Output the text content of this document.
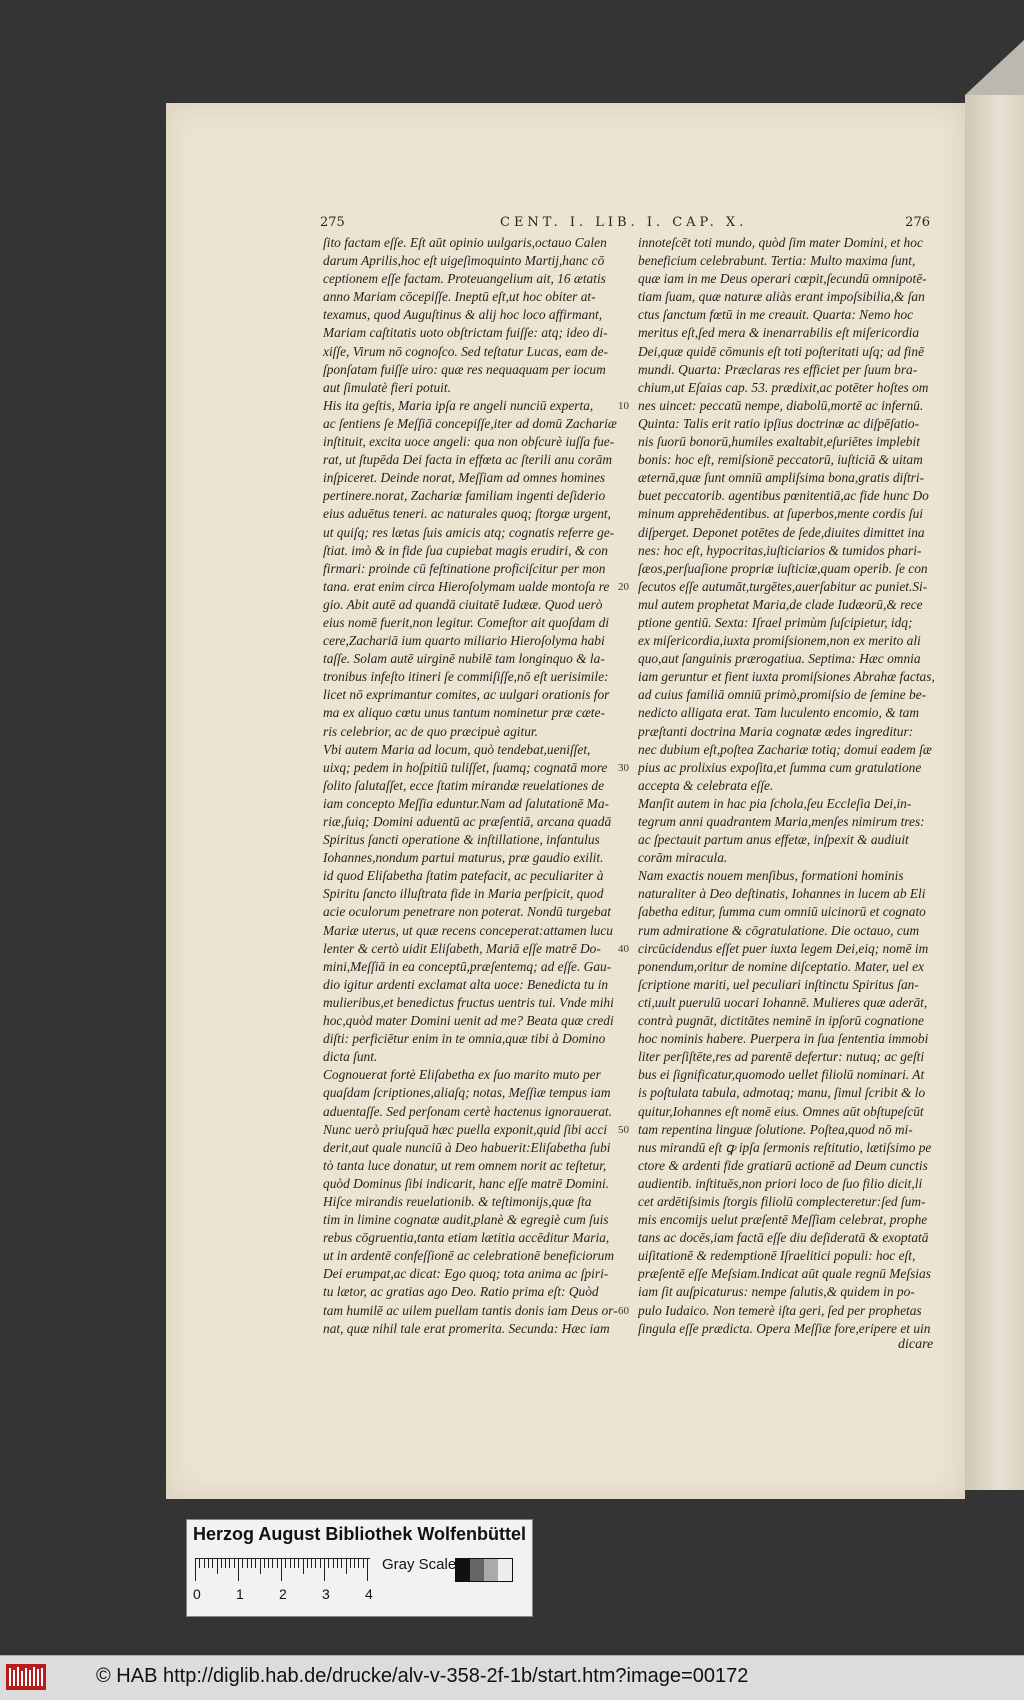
275	CENT. I. LIB. I. CAP. X.	276
ſito factam eſſe. Eſt aūt opinio uulgaris,octauo Calen
darum Aprilis,hoc eſt uigeſimoquinto Martij,hanc cō
ceptionem eſſe factam. Proteuangelium ait, 16 ætatis
anno Mariam cōcepiſſe. Ineptū eſt,ut hoc obiter at-
texamus, quod Auguſtinus & alij hoc loco affirmant,
Mariam caſtitatis uoto obſtrictam fuiſſe: atq; ideo di-
xiſſe, Virum nō cognoſco. Sed teſtatur Lucas, eam de-
ſponſatam fuiſſe uiro: quæ res nequaquam per iocum
aut ſimulatè fieri potuit.
His ita geſtis, Maria ipſa re angeli nunciū experta,
ac ſentiens ſe Meſſiā concepiſſe,iter ad domū Zachariæ
inſtituit, excita uoce angeli: qua non obſcurè iuſſa fue-
rat, ut ſtupēda Dei facta in effœta ac ſterili anu corām
inſpiceret. Deinde norat, Meſſiam ad omnes homines
pertinere.norat, Zachariæ familiam ingenti deſiderio
eius aduētus teneri. ac naturales quoq; ſtorgæ urgent,
ut quiſq; res lætas ſuis amicis atq; cognatis referre ge-
ſtiat. imò & in fide ſua cupiebat magis erudiri, & con
firmari: proinde cū feſtinatione proficiſcitur per mon
tana. erat enim circa Hieroſolymam ualde montoſa re
gio. Abit autē ad quandā ciuitatē Iudææ. Quod uerò
eius nomē fuerit,non legitur. Comeſtor ait quoſdam di
cere,Zachariā ium quarto miliario Hieroſolyma habi
taſſe. Solam autē uirginē nubilē tam longinquo & la-
tronibus infeſto itineri ſe commiſiſſe,nō eſt uerisimile:
licet nō exprimantur comites, ac uulgari orationis for
ma ex aliquo cœtu unus tantum nominetur præ cæte-
ris celebrior, ac de quo præcipuè agitur.
Vbi autem Maria ad locum, quò tendebat,ueniſſet,
uixq; pedem in hoſpitiū tuliſſet, ſuamq; cognatā more
ſolito ſalutaſſet, ecce ſtatim mirandæ reuelationes de
iam concepto Meſſia eduntur.Nam ad ſalutationē Ma-
riæ,ſuiq; Domini aduentū ac præſentiā, arcana quadā
Spiritus ſancti operatione & inſtillatione, infantulus
Iohannes,nondum partui maturus, præ gaudio exilit.
id quod Eliſabetha ſtatim patefacit, ac peculiariter à
Spiritu ſancto illuſtrata fide in Maria perſpicit, quod
acie oculorum penetrare non poterat. Nondū turgebat
Mariæ uterus, ut quæ recens conceperat:attamen lucu
lenter & certò uidit Eliſabeth, Mariā eſſe matrē Do-
mini,Meſſiā in ea conceptū,præſentemq; ad eſſe. Gau-
dio igitur ardenti exclamat alta uoce: Benedicta tu in
mulieribus,et benedictus fructus uentris tui. Vnde mihi
hoc,quòd mater Domini uenit ad me? Beata quæ credi
diſti: perficiētur enim in te omnia,quæ tibi à Domino
dicta ſunt.
Cognouerat fortè Eliſabetha ex ſuo marito muto per
quaſdam ſcriptiones,aliaſq; notas, Meſſiæ tempus iam
aduentaſſe. Sed perſonam certè hactenus ignorauerat.
Nunc uerò priuſquā hæc puella exponit,quid ſibi acci
derit,aut quale nunciū à Deo habuerit:Eliſabetha ſubi
tò tanta luce donatur, ut rem omnem norit ac teſtetur,
quòd Dominus ſibi indicarit, hanc eſſe matrē Domini.
Hiſce mirandis reuelationib. & teſtimonijs,quæ ſta
tim in limine cognatæ audit,planè & egregiè cum ſuis
rebus cōgruentia,tanta etiam lætitia accēditur Maria,
ut in ardentē confeſſionē ac celebrationē beneficiorum
Dei erumpat,ac dicat: Ego quoq; tota anima ac ſpiri-
tu lætor, ac gratias ago Deo. Ratio prima eſt: Quòd
tam humilē ac uilem puellam tantis donis iam Deus or-
nat, quæ nihil tale erat promerita. Secunda: Hæc iam
innoteſcēt toti mundo, quòd ſim mater Domini, et hoc
beneficium celebrabunt. Tertia: Multo maxima ſunt,
quæ iam in me Deus operari cœpit,ſecundū omnipotē-
tiam ſuam, quæ naturæ aliàs erant impoſsibilia,& ſan
ctus ſanctum fœtū in me creauit. Quarta: Nemo hoc
meritus eſt,ſed mera & inenarrabilis eſt miſericordia
Dei,quæ quidē cōmunis eſt toti poſteritati uſq; ad finē
mundi. Quarta: Præclaras res efficiet per ſuum bra-
chium,ut Eſaias cap. 53. prædixit,ac potēter hoſtes om
nes uincet: peccatū nempe, diabolū,mortē ac infernū.
Quinta: Talis erit ratio ipſius doctrinæ ac diſpēſatio-
nis ſuorū bonorū,humiles exaltabit,eſuriētes implebit
bonis: hoc eſt, remiſsionē peccatorū, iuſticiā & uitam
æternā,quæ ſunt omniū ampliſsima bona,gratis diſtri-
buet peccatorib. agentibus pœnitentiā,ac fide hunc Do
minum apprehēdentibus. at ſuperbos,mente cordis ſui
diſperget. Deponet potētes de ſede,diuites dimittet ina
nes: hoc eſt, hypocritas,iuſticiarios & tumidos phari-
ſæos,perſuaſione propriæ iuſticiæ,quam operib. ſe con
ſecutos eſſe autumāt,turgētes,auerſabitur ac puniet.Si-
mul autem prophetat Maria,de clade Iudæorū,& rece
ptione gentiū. Sexta: Iſrael primùm ſuſcipietur, idq;
ex miſericordia,iuxta promiſsionem,non ex merito ali
quo,aut ſanguinis prærogatiua. Septima: Hæc omnia
iam geruntur et fient iuxta promiſsiones Abrahæ factas,
ad cuius familiā omniū primò,promiſsio de ſemine be-
nedicto alligata erat. Tam luculento encomio, & tam
præſtanti doctrina Maria cognatæ ædes ingreditur:
nec dubium eſt,poſtea Zachariæ totiq; domui eadem ſæ
pius ac prolixius expoſita,et ſumma cum gratulatione
accepta & celebrata eſſe.
Manſit autem in hac pia ſchola,ſeu Eccleſia Dei,in-
tegrum anni quadrantem Maria,menſes nimirum tres:
ac ſpectauit partum anus effetæ, inſpexit & audiuit
corām miracula.
Nam exactis nouem menſibus, formationi hominis
naturaliter à Deo deſtinatis, Iohannes in lucem ab Eli
ſabetha editur, ſumma cum omniū uicinorū et cognato
rum admiratione & cōgratulatione. Die octauo, cum
circūcidendus eſſet puer iuxta legem Dei,eiq; nomē im
ponendum,oritur de nomine diſceptatio. Mater, uel ex
ſcriptione mariti, uel peculiari inſtinctu Spiritus ſan-
cti,uult puerulū uocari Iohannē. Mulieres quæ aderāt,
contrà pugnāt, dictitātes neminē in ipſorū cognatione
hoc nominis habere. Puerpera in ſua ſententia immobi
liter perſiſtēte,res ad parentē defertur: nutuq; ac geſti
bus ei ſignificatur,quomodo uellet filiolū nominari. At
is poſtulata tabula, admotaq; manu, ſimul ſcribit & lo
quitur,Iohannes eſt nomē eius. Omnes aūt obſtupeſcūt
tam repentina linguæ ſolutione. Poſtea,quod nō mi-
nus mirandū eſt ꝙ ipſa ſermonis reſtitutio, lætiſsimo pe
ctore & ardenti fide gratiarū actionē ad Deum cunctis
audientib. inſtituēs,non priori loco de ſuo filio dicit,li
cet ardētiſsimis ſtorgis filiolū complecteretur:ſed ſum-
mis encomijs uelut præſentē Meſſiam celebrat, prophe
tans ac docēs,iam factā eſſe diu deſideratā & exoptatā
uiſitationē & redemptionē Iſraelitici populi: hoc eſt,
præſentē eſſe Meſsiam.Indicat aūt quale regnū Meſsias
iam ſit auſpicaturus: nempe ſalutis,& quidem in po-
pulo Iudaico. Non temerè iſta geri, ſed per prophetas
ſingula eſſe prædicta. Opera Meſſiæ fore,eripere et uin
10
20
30
40
50
60
dicare
Herzog August Bibliothek Wolfenbüttel
0	1	2	3	4
Gray Scale
© HAB http://diglib.hab.de/drucke/alv-v-358-2f-1b/start.htm?image=00172
